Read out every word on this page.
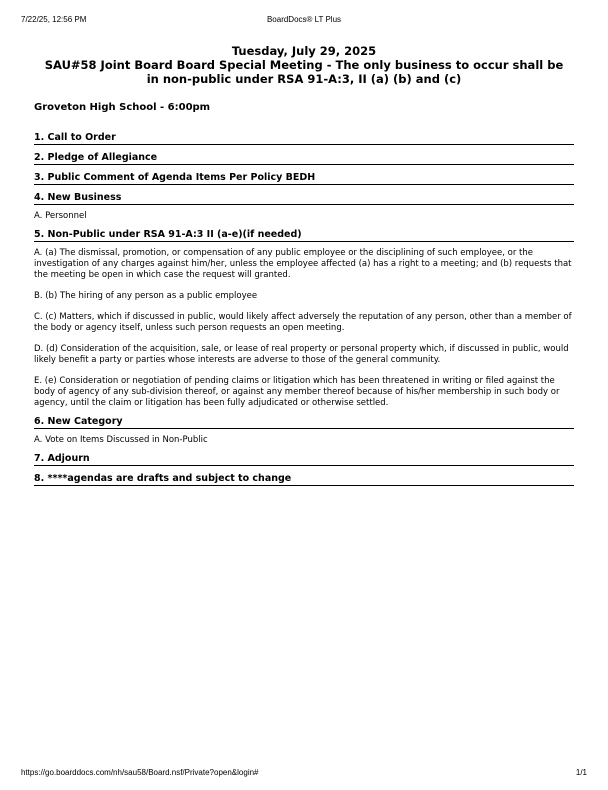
7/22/25, 12:56 PM	BoardDocs® LT Plus
Tuesday, July 29, 2025
SAU#58 Joint Board Board Special Meeting - The only business to occur shall be in non-public under RSA 91-A:3, II (a) (b) and (c)
Groveton High School - 6:00pm
1. Call to Order
2. Pledge of Allegiance
3. Public Comment of Agenda Items Per Policy BEDH
4. New Business
A. Personnel
5. Non-Public under RSA 91-A:3 II (a-e)(if needed)
A. (a) The dismissal, promotion, or compensation of any public employee or the disciplining of such employee, or the investigation of any charges against him/her, unless the employee affected (a) has a right to a meeting; and (b) requests that the meeting be open in which case the request will granted.
B. (b) The hiring of any person as a public employee
C. (c) Matters, which if discussed in public, would likely affect adversely the reputation of any person, other than a member of the body or agency itself, unless such person requests an open meeting.
D. (d) Consideration of the acquisition, sale, or lease of real property or personal property which, if discussed in public, would likely benefit a party or parties whose interests are adverse to those of the general community.
E. (e) Consideration or negotiation of pending claims or litigation which has been threatened in writing or filed against the body of agency of any sub-division thereof, or against any member thereof because of his/her membership in such body or agency, until the claim or litigation has been fully adjudicated or otherwise settled.
6. New Category
A. Vote on Items Discussed in Non-Public
7. Adjourn
8. ****agendas are drafts and subject to change
https://go.boarddocs.com/nh/sau58/Board.nsf/Private?open&login#	1/1
